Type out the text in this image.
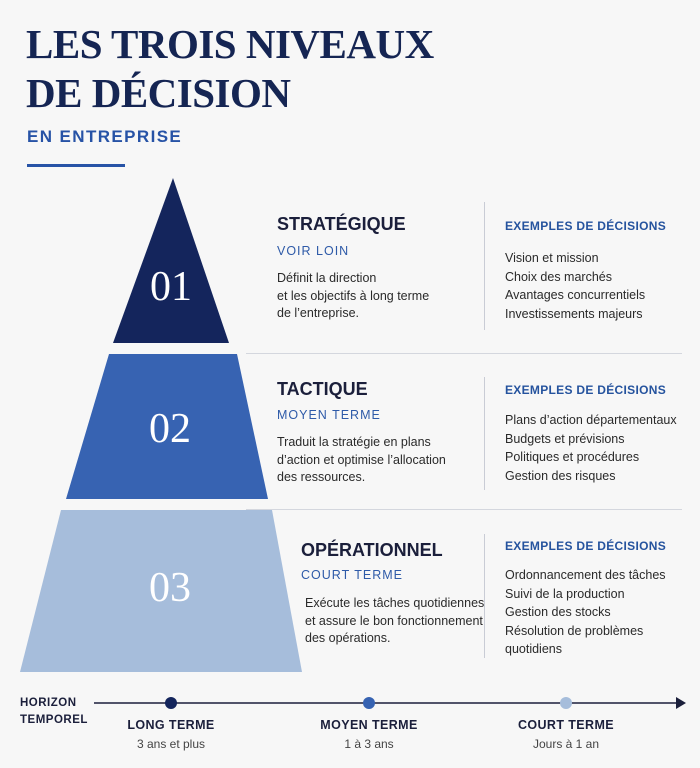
LES TROIS NIVEAUX
DE DÉCISION
EN ENTREPRISE
01
02
03
STRATÉGIQUE
VOIR LOIN
Définit la direction
et les objectifs à long terme
de l’entreprise.
EXEMPLES DE DÉCISIONS
Vision et mission
Choix des marchés
Avantages concurrentiels
Investissements majeurs
TACTIQUE
MOYEN TERME
Traduit la stratégie en plans
d’action et optimise l’allocation
des ressources.
EXEMPLES DE DÉCISIONS
Plans d’action départementaux
Budgets et prévisions
Politiques et procédures
Gestion des risques
OPÉRATIONNEL
COURT TERME
Exécute les tâches quotidiennes
et assure le bon fonctionnement
des opérations.
EXEMPLES DE DÉCISIONS
Ordonnancement des tâches
Suivi de la production
Gestion des stocks
Résolution de problèmes
quotidiens
HORIZON
TEMPOREL	LONG TERME
3 ans et plus
MOYEN TERME
1 à 3 ans
COURT TERME
Jours à 1 an
